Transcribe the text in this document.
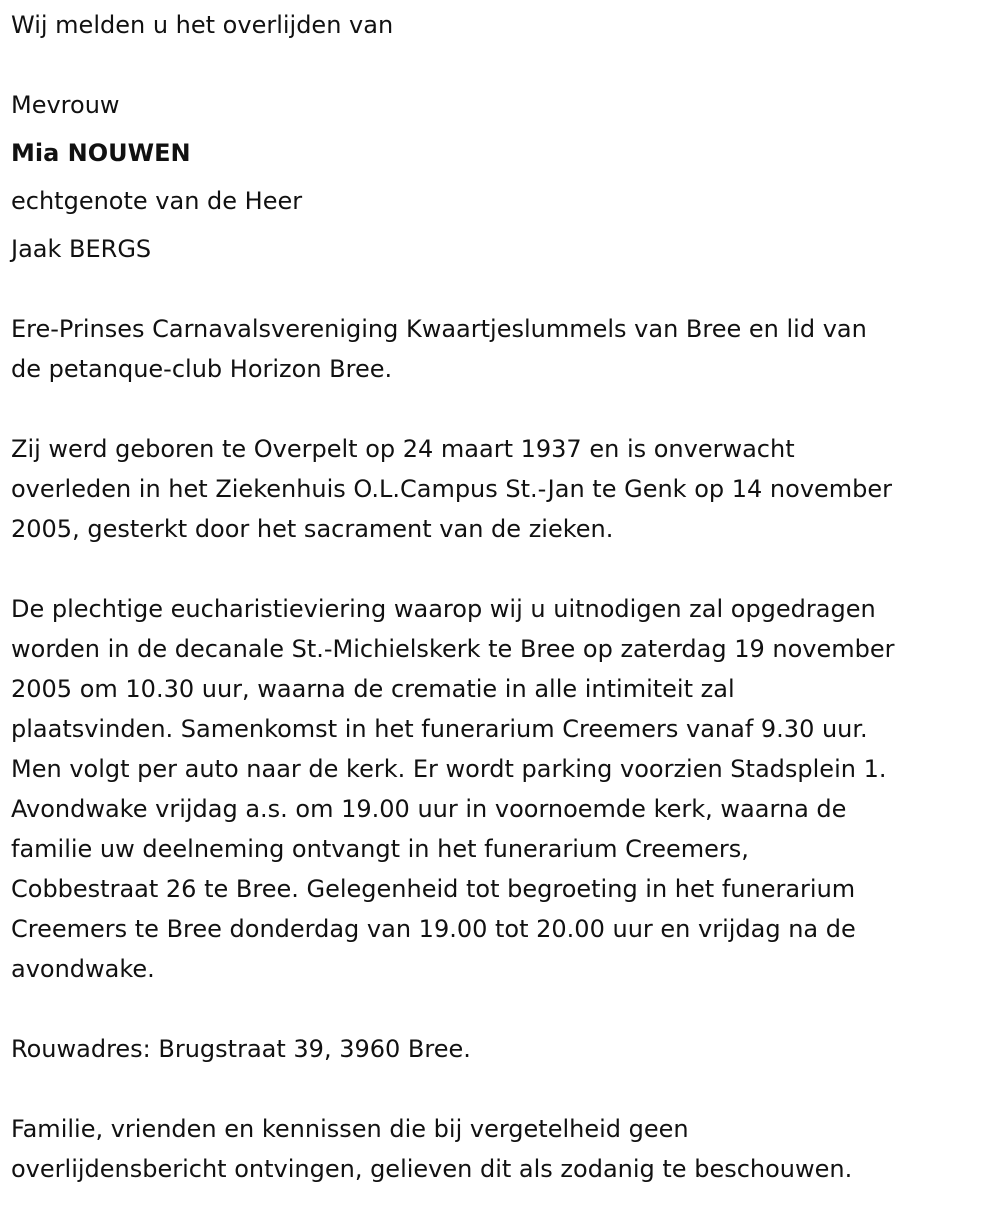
Wij melden u het overlijden van
Mevrouw
Mia NOUWEN
echtgenote van de Heer
Jaak BERGS
Ere-Prinses Carnavalsvereniging Kwaartjeslummels van Bree en lid van
de petanque-club Horizon Bree.
Zij werd geboren te Overpelt op 24 maart 1937 en is onverwacht
overleden in het Ziekenhuis O.L.Campus St.-Jan te Genk op 14 november
2005, gesterkt door het sacrament van de zieken.
De plechtige eucharistieviering waarop wij u uitnodigen zal opgedragen
worden in de decanale St.-Michielskerk te Bree op zaterdag 19 november
2005 om 10.30 uur, waarna de crematie in alle intimiteit zal
plaatsvinden. Samenkomst in het funerarium Creemers vanaf 9.30 uur.
Men volgt per auto naar de kerk. Er wordt parking voorzien Stadsplein 1.
Avondwake vrijdag a.s. om 19.00 uur in voornoemde kerk, waarna de
familie uw deelneming ontvangt in het funerarium Creemers,
Cobbestraat 26 te Bree. Gelegenheid tot begroeting in het funerarium
Creemers te Bree donderdag van 19.00 tot 20.00 uur en vrijdag na de
avondwake.
Rouwadres: Brugstraat 39, 3960 Bree.
Familie, vrienden en kennissen die bij vergetelheid geen
overlijdensbericht ontvingen, gelieven dit als zodanig te beschouwen.
